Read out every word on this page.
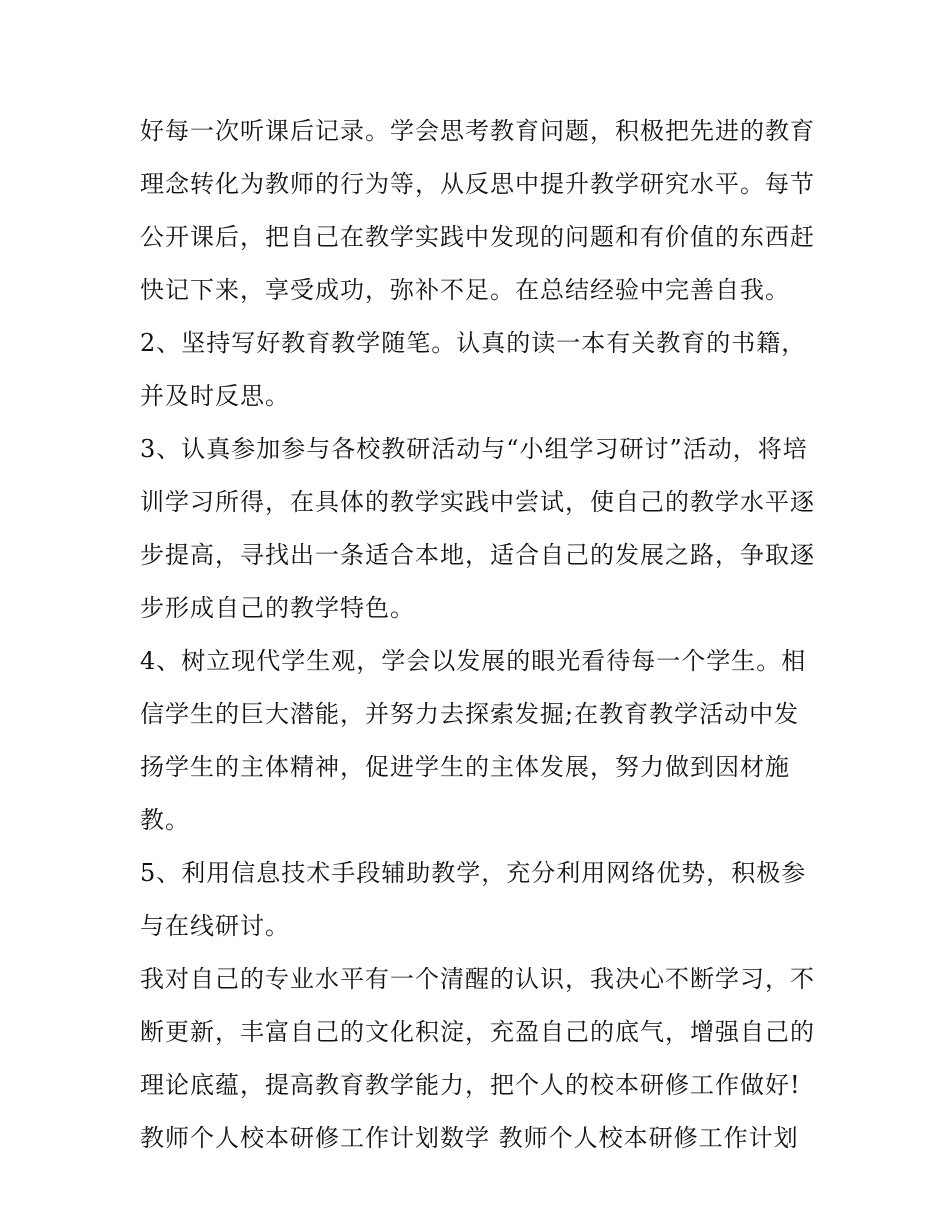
好每一次听课后记录。学会思考教育问题，积极把先进的教育
理念转化为教师的行为等，从反思中提升教学研究水平。每节
公开课后，把自己在教学实践中发现的问题和有价值的东西赶
快记下来，享受成功，弥补不足。在总结经验中完善自我。
2、坚持写好教育教学随笔。认真的读一本有关教育的书籍，
并及时反思。
3、认真参加参与各校教研活动与“小组学习研讨”活动，将培
训学习所得，在具体的教学实践中尝试，使自己的教学水平逐
步提高，寻找出一条适合本地，适合自己的发展之路，争取逐
步形成自己的教学特色。
4、树立现代学生观，学会以发展的眼光看待每一个学生。相
信学生的巨大潜能，并努力去探索发掘;在教育教学活动中发
扬学生的主体精神，促进学生的主体发展，努力做到因材施
教。
5、利用信息技术手段辅助教学，充分利用网络优势，积极参
与在线研讨。
我对自己的专业水平有一个清醒的认识，我决心不断学习，不
断更新，丰富自己的文化积淀，充盈自己的底气，增强自己的
理论底蕴，提高教育教学能力，把个人的校本研修工作做好!
教师个人校本研修工作计划数学 教师个人校本研修工作计划
